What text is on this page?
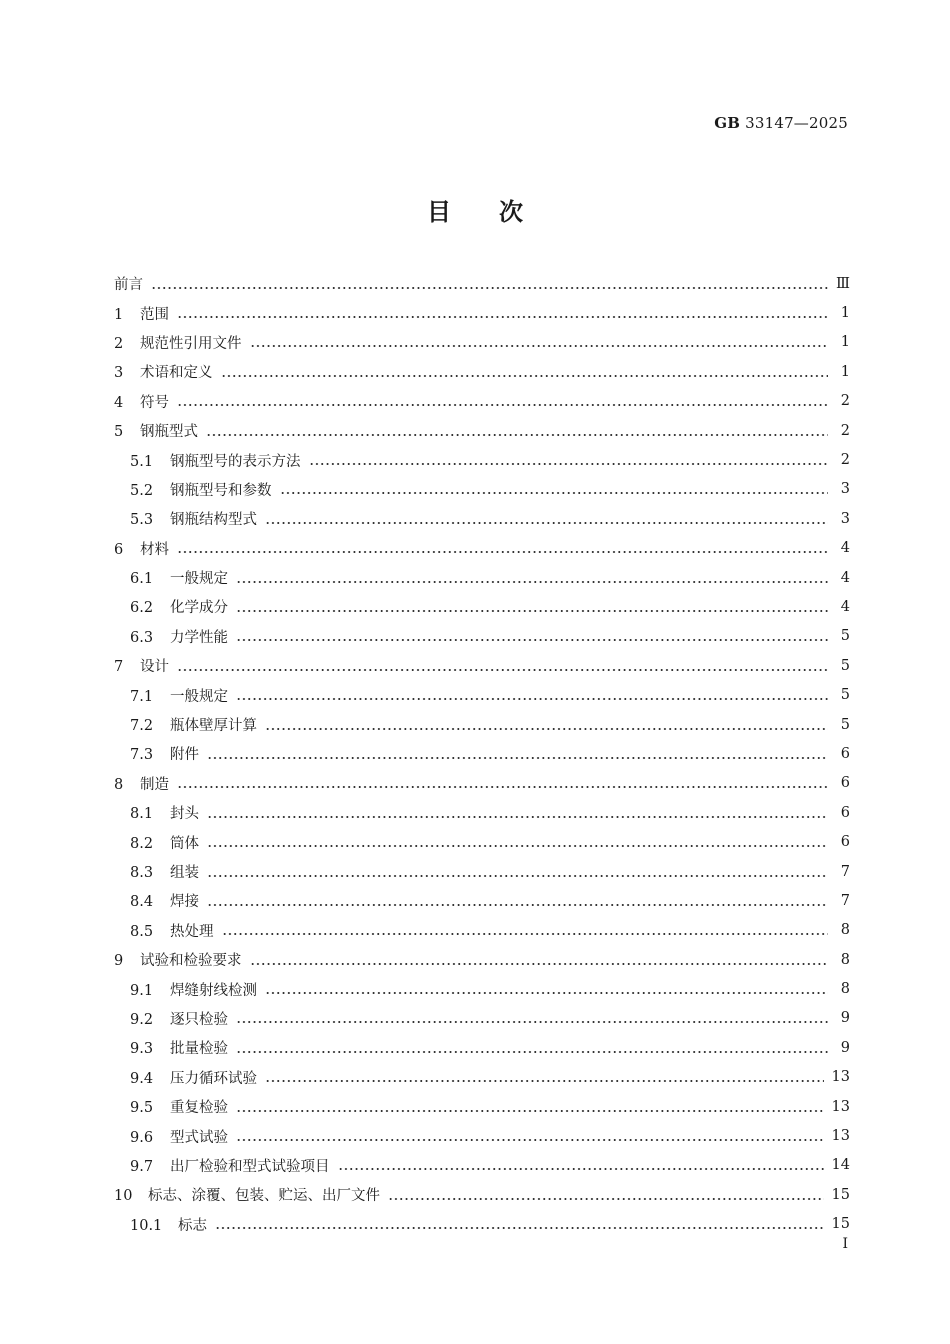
GB 33147—2025
目　　次
前言	Ⅲ
1 范围	1
2 规范性引用文件	1
3 术语和定义	1
4 符号	2
5 钢瓶型式	2
5.1 钢瓶型号的表示方法	2
5.2 钢瓶型号和参数	3
5.3 钢瓶结构型式	3
6 材料	4
6.1 一般规定	4
6.2 化学成分	4
6.3 力学性能	5
7 设计	5
7.1 一般规定	5
7.2 瓶体壁厚计算	5
7.3 附件	6
8 制造	6
8.1 封头	6
8.2 筒体	6
8.3 组装	7
8.4 焊接	7
8.5 热处理	8
9 试验和检验要求	8
9.1 焊缝射线检测	8
9.2 逐只检验	9
9.3 批量检验	9
9.4 压力循环试验	13
9.5 重复检验	13
9.6 型式试验	13
9.7 出厂检验和型式试验项目	14
10 标志、涂覆、包装、贮运、出厂文件	15
10.1 标志	15
Ⅰ
